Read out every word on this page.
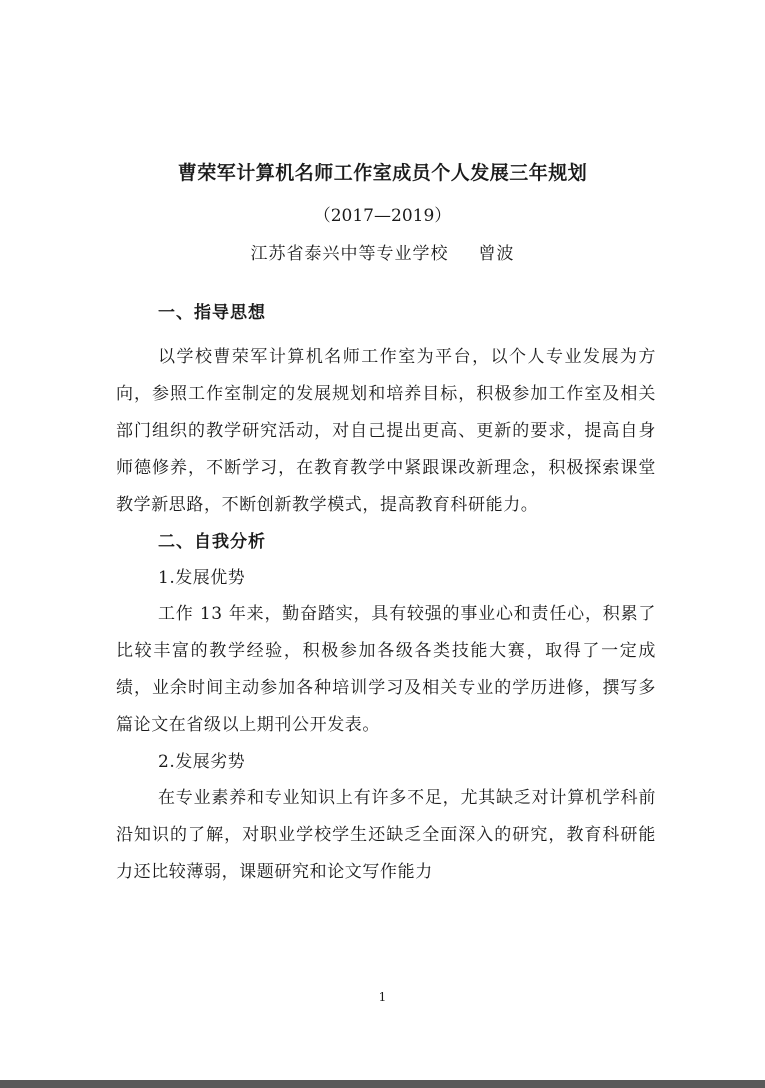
曹荣军计算机名师工作室成员个人发展三年规划
（2017—2019）
江苏省泰兴中等专业学校 曾波
一、指导思想

以学校曹荣军计算机名师工作室为平台，以个人专业发展为方向，参照工作室制定的发展规划和培养目标，积极参加工作室及相关部门组织的教学研究活动，对自己提出更高、更新的要求，提高自身师德修养，不断学习，在教育教学中紧跟课改新理念，积极探索课堂教学新思路，不断创新教学模式，提高教育科研能力。

二、自我分析
1.发展优势

工作 13 年来，勤奋踏实，具有较强的事业心和责任心，积累了比较丰富的教学经验，积极参加各级各类技能大赛，取得了一定成绩，业余时间主动参加各种培训学习及相关专业的学历进修，撰写多篇论文在省级以上期刊公开发表。

2.发展劣势

在专业素养和专业知识上有许多不足，尤其缺乏对计算机学科前沿知识的了解，对职业学校学生还缺乏全面深入的研究，教育科研能力还比较薄弱，课题研究和论文写作能力

1
